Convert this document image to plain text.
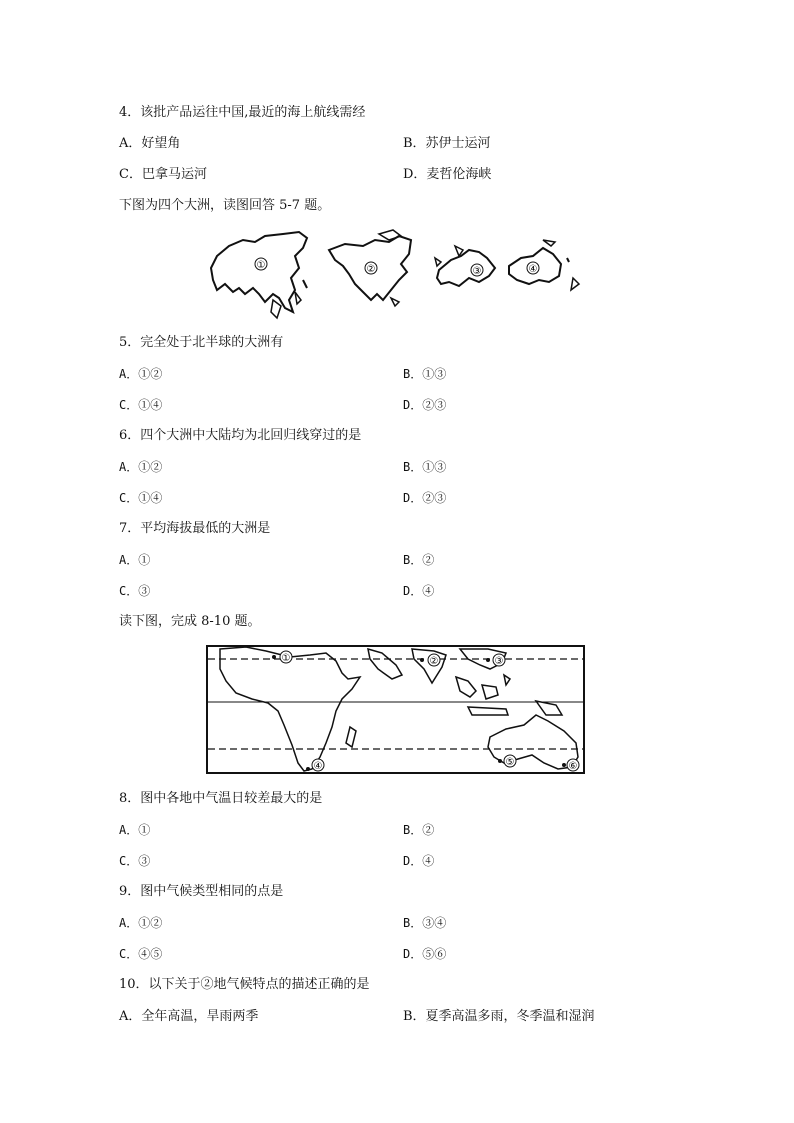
4．该批产品运往中国,最近的海上航线需经
A．好望角	B．苏伊士运河
C．巴拿马运河	D．麦哲伦海峡
下图为四个大洲，读图回答 5-7 题。
①	②	③	④
5．完全处于北半球的大洲有
A．①②	B．①③
C．①④	D．②③
6．四个大洲中大陆均为北回归线穿过的是
A．①②	B．①③
C．①④	D．②③
7．平均海拔最低的大洲是
A．①	B．②
C．③	D．④
读下图，完成 8-10 题。
①	②	③
④	⑤	⑥
8．图中各地中气温日较差最大的是
A．①	B．②
C．③	D．④
9．图中气候类型相同的点是
A．①②	B．③④
C．④⑤	D．⑤⑥
10．以下关于②地气候特点的描述正确的是
A．全年高温，旱雨两季	B．夏季高温多雨，冬季温和湿润
